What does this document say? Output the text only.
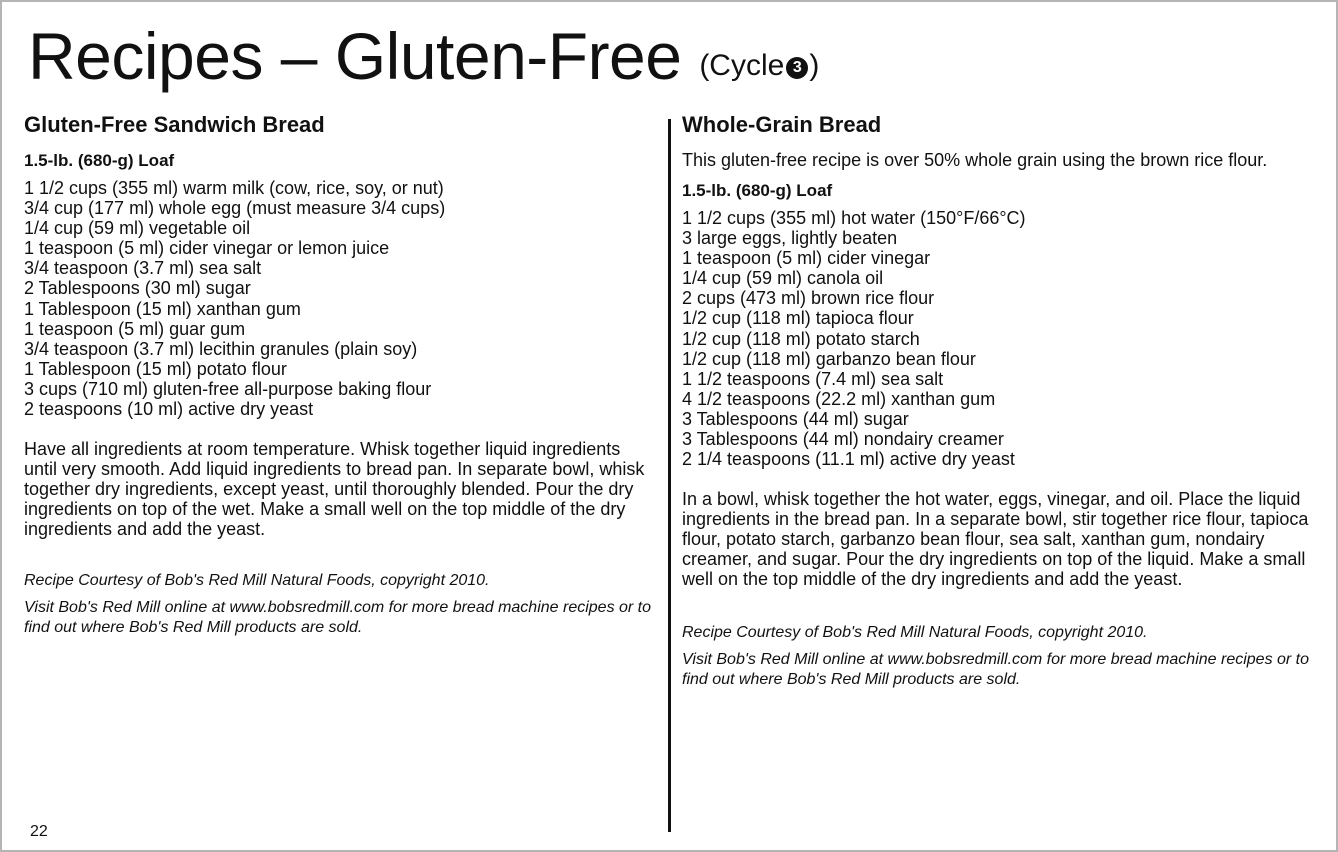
Recipes – Gluten-Free (Cycle 3 )
Gluten-Free Sandwich Bread
1.5-lb. (680-g) Loaf
1 1/2 cups (355 ml) warm milk (cow, rice, soy, or nut)
3/4 cup (177 ml) whole egg (must measure 3/4 cups)
1/4 cup (59 ml) vegetable oil
1 teaspoon (5 ml) cider vinegar or lemon juice
3/4 teaspoon (3.7 ml) sea salt
2 Tablespoons (30 ml) sugar
1 Tablespoon (15 ml) xanthan gum
1 teaspoon (5 ml) guar gum
3/4 teaspoon (3.7 ml) lecithin granules (plain soy)
1 Tablespoon (15 ml) potato flour
3 cups (710 ml) gluten-free all-purpose baking flour
2 teaspoons (10 ml) active dry yeast

Have all ingredients at room temperature. Whisk together liquid ingredients until very smooth. Add liquid ingredients to bread pan. In separate bowl, whisk together dry ingredients, except yeast, until thoroughly blended. Pour the dry ingredients on top of the wet. Make a small well on the top middle of the dry ingredients and add the yeast.

Recipe Courtesy of Bob's Red Mill Natural Foods, copyright 2010.

Visit Bob's Red Mill online at www.bobsredmill.com for more bread machine recipes or to find out where Bob's Red Mill products are sold.

Whole-Grain Bread

This gluten-free recipe is over 50% whole grain using the brown rice flour.

1.5-lb. (680-g) Loaf
1 1/2 cups (355 ml) hot water (150°F/66°C)
3 large eggs, lightly beaten
1 teaspoon (5 ml) cider vinegar
1/4 cup (59 ml) canola oil
2 cups (473 ml) brown rice flour
1/2 cup (118 ml) tapioca flour
1/2 cup (118 ml) potato starch
1/2 cup (118 ml) garbanzo bean flour
1 1/2 teaspoons (7.4 ml) sea salt
4 1/2 teaspoons (22.2 ml) xanthan gum
3 Tablespoons (44 ml) sugar
3 Tablespoons (44 ml) nondairy creamer
2 1/4 teaspoons (11.1 ml) active dry yeast

In a bowl, whisk together the hot water, eggs, vinegar, and oil. Place the liquid ingredients in the bread pan. In a separate bowl, stir together rice flour, tapioca flour, potato starch, garbanzo bean flour, sea salt, xanthan gum, nondairy creamer, and sugar. Pour the dry ingredients on top of the liquid. Make a small well on the top middle of the dry ingredients and add the yeast.

Recipe Courtesy of Bob's Red Mill Natural Foods, copyright 2010.

Visit Bob's Red Mill online at www.bobsredmill.com for more bread machine recipes or to find out where Bob's Red Mill products are sold.

22
